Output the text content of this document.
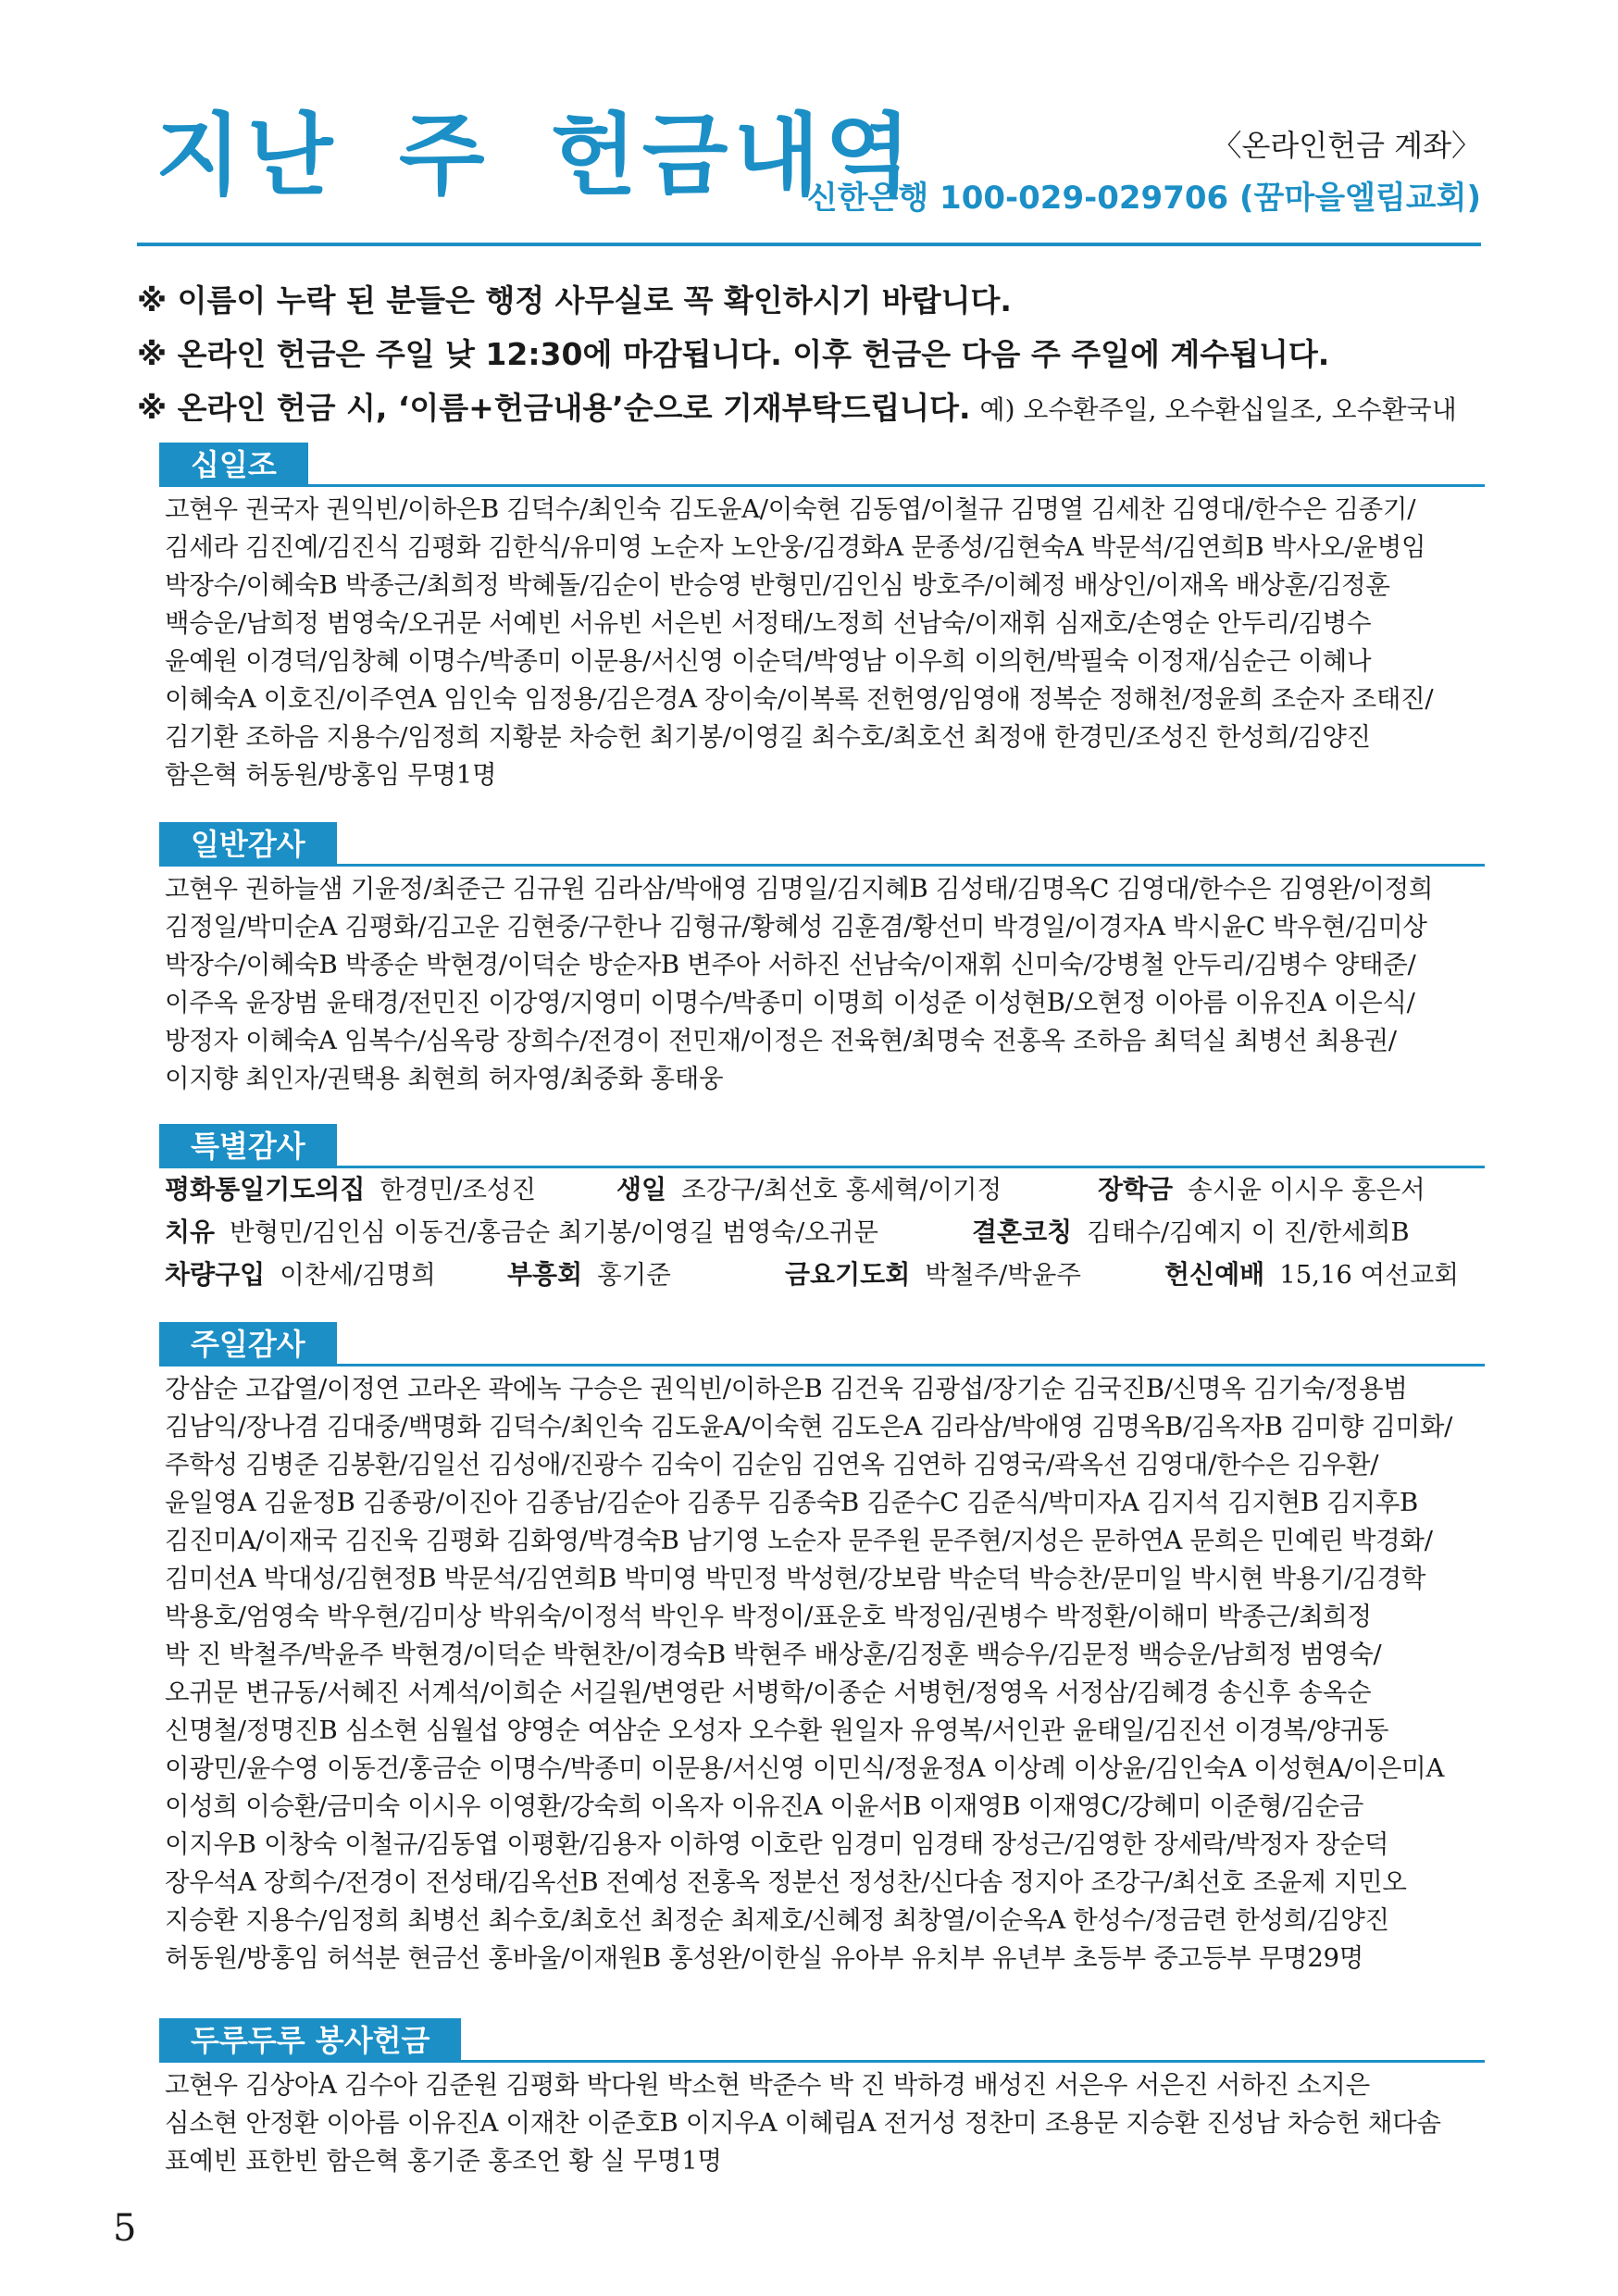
지난 주 헌금내역	〈온라인헌금 계좌〉
신한은행 100-029-029706 (꿈마을엘림교회)
※ 이름이 누락 된 분들은 행정 사무실로 꼭 확인하시기 바랍니다.
※ 온라인 헌금은 주일 낮 12:30에 마감됩니다. 이후 헌금은 다음 주 주일에 계수됩니다.
※ 온라인 헌금 시, ‘이름+헌금내용’순으로 기재부탁드립니다. 예) 오수환주일, 오수환십일조, 오수환국내
십일조
고현우 권국자 권익빈/이하은B 김덕수/최인숙 김도윤A/이숙현 김동엽/이철규 김명열 김세찬 김영대/한수은 김종기/
김세라 김진예/김진식 김평화 김한식/유미영 노순자 노안웅/김경화A 문종성/김현숙A 박문석/김연희B 박사오/윤병임
박장수/이혜숙B 박종근/최희정 박혜돌/김순이 반승영 반형민/김인심 방호주/이혜정 배상인/이재옥 배상훈/김정훈
백승운/남희정 범영숙/오귀문 서예빈 서유빈 서은빈 서정태/노정희 선남숙/이재휘 심재호/손영순 안두리/김병수
윤예원 이경덕/임창혜 이명수/박종미 이문용/서신영 이순덕/박영남 이우희 이의헌/박필숙 이정재/심순근 이혜나
이혜숙A 이호진/이주연A 임인숙 임정용/김은경A 장이숙/이복록 전헌영/임영애 정복순 정해천/정윤희 조순자 조태진/
김기환 조하음 지용수/임정희 지황분 차승헌 최기봉/이영길 최수호/최호선 최정애 한경민/조성진 한성희/김양진
함은혁 허동원/방홍임 무명1명
일반감사
고현우 권하늘샘 기윤정/최준근 김규원 김라삼/박애영 김명일/김지혜B 김성태/김명옥C 김영대/한수은 김영완/이정희
김정일/박미순A 김평화/김고운 김현중/구한나 김형규/황혜성 김훈겸/황선미 박경일/이경자A 박시윤C 박우현/김미상
박장수/이혜숙B 박종순 박현경/이덕순 방순자B 변주아 서하진 선남숙/이재휘 신미숙/강병철 안두리/김병수 양태준/
이주옥 윤장범 윤태경/전민진 이강영/지영미 이명수/박종미 이명희 이성준 이성현B/오현정 이아름 이유진A 이은식/
방정자 이혜숙A 임복수/심옥랑 장희수/전경이 전민재/이정은 전육현/최명숙 전홍옥 조하음 최덕실 최병선 최용권/
이지향 최인자/권택용 최현희 허자영/최중화 홍태웅
특별감사
평화통일기도의집 한경민/조성진	생일 조강구/최선호 홍세혁/이기정	장학금 송시윤 이시우 홍은서
치유 반형민/김인심 이동건/홍금순 최기봉/이영길 범영숙/오귀문	결혼코칭 김태수/김예지 이 진/한세희B
차량구입 이찬세/김명희	부흥회 홍기준	금요기도회 박철주/박윤주	헌신예배 15,16 여선교회
주일감사
강삼순 고갑열/이정연 고라온 곽에녹 구승은 권익빈/이하은B 김건욱 김광섭/장기순 김국진B/신명옥 김기숙/정용범
김남익/장나겸 김대중/백명화 김덕수/최인숙 김도윤A/이숙현 김도은A 김라삼/박애영 김명옥B/김옥자B 김미향 김미화/
주학성 김병준 김봉환/김일선 김성애/진광수 김숙이 김순임 김연옥 김연하 김영국/곽옥선 김영대/한수은 김우환/
윤일영A 김윤정B 김종광/이진아 김종남/김순아 김종무 김종숙B 김준수C 김준식/박미자A 김지석 김지현B 김지후B
김진미A/이재국 김진욱 김평화 김화영/박경숙B 남기영 노순자 문주원 문주현/지성은 문하연A 문희은 민예린 박경화/
김미선A 박대성/김현정B 박문석/김연희B 박미영 박민정 박성현/강보람 박순덕 박승찬/문미일 박시현 박용기/김경학
박용호/엄영숙 박우현/김미상 박위숙/이정석 박인우 박정이/표운호 박정임/권병수 박정환/이해미 박종근/최희정
박 진 박철주/박윤주 박현경/이덕순 박현찬/이경숙B 박현주 배상훈/김정훈 백승우/김문정 백승운/남희정 범영숙/
오귀문 변규동/서혜진 서계석/이희순 서길원/변영란 서병학/이종순 서병헌/정영옥 서정삼/김혜경 송신후 송옥순
신명철/정명진B 심소현 심월섭 양영순 여삼순 오성자 오수환 원일자 유영복/서인관 윤태일/김진선 이경복/양귀동
이광민/윤수영 이동건/홍금순 이명수/박종미 이문용/서신영 이민식/정윤정A 이상례 이상윤/김인숙A 이성현A/이은미A
이성희 이승환/금미숙 이시우 이영환/강숙희 이옥자 이유진A 이윤서B 이재영B 이재영C/강혜미 이준형/김순금
이지우B 이창숙 이철규/김동엽 이평환/김용자 이하영 이호란 임경미 임경태 장성근/김영한 장세락/박정자 장순덕
장우석A 장희수/전경이 전성태/김옥선B 전예성 전홍옥 정분선 정성찬/신다솜 정지아 조강구/최선호 조윤제 지민오
지승환 지용수/임정희 최병선 최수호/최호선 최정순 최제호/신혜정 최창열/이순옥A 한성수/정금련 한성희/김양진
허동원/방홍임 허석분 현금선 홍바울/이재원B 홍성완/이한실 유아부 유치부 유년부 초등부 중고등부 무명29명
두루두루 봉사헌금
고현우 김상아A 김수아 김준원 김평화 박다원 박소현 박준수 박 진 박하경 배성진 서은우 서은진 서하진 소지은
심소현 안정환 이아름 이유진A 이재찬 이준호B 이지우A 이혜림A 전거성 정찬미 조용문 지승환 진성남 차승헌 채다솜
표예빈 표한빈 함은혁 홍기준 홍조언 황 실 무명1명
5
